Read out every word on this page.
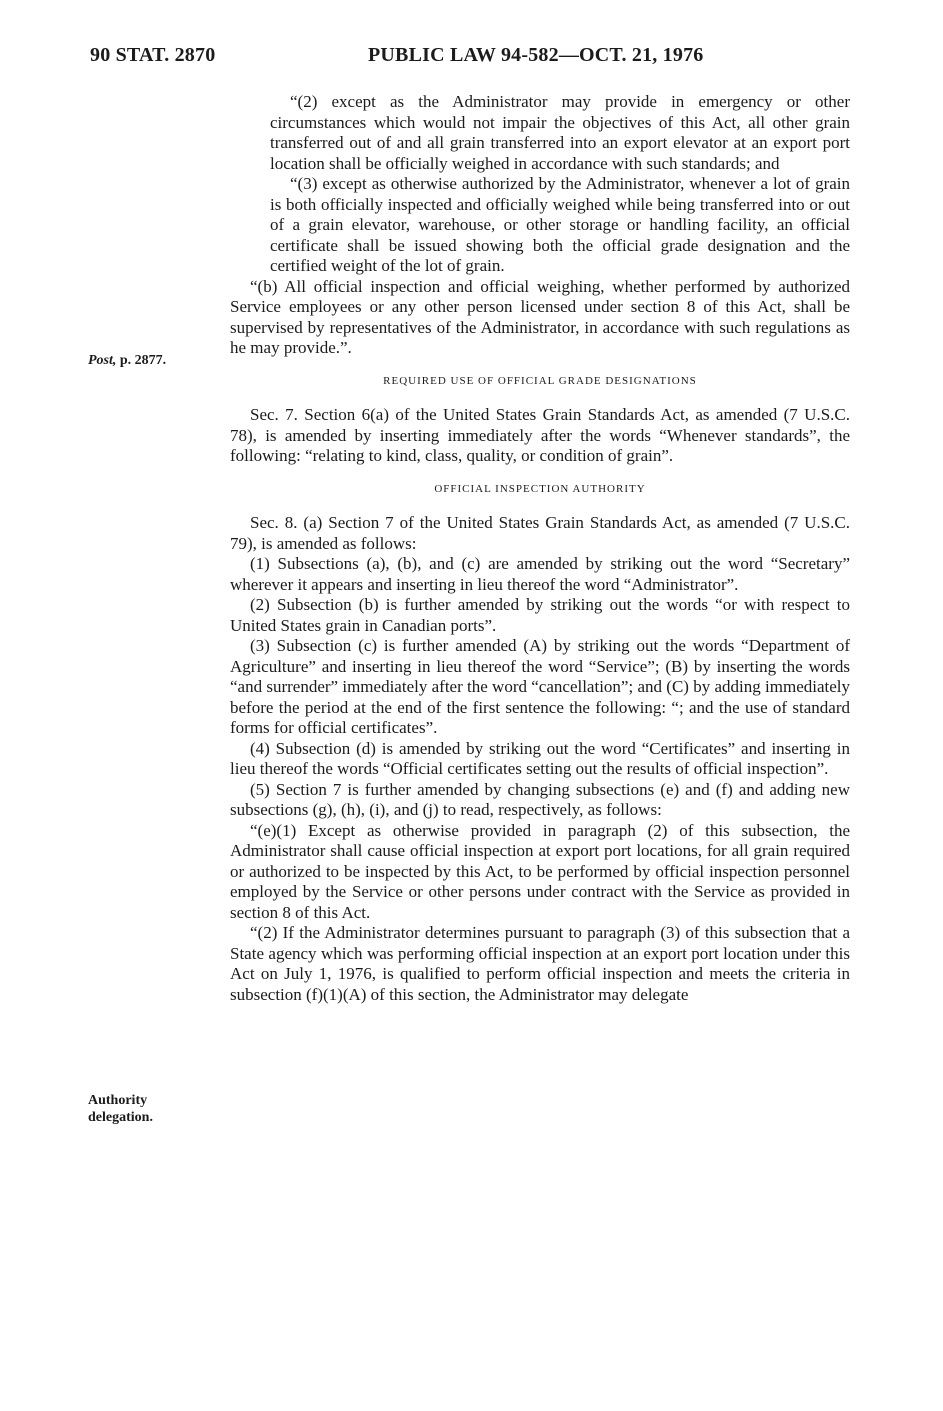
90 STAT. 2870	PUBLIC LAW 94-582—OCT. 21, 1976
Post, p. 2877.
Authority
delegation.

“(2) except as the Administrator may provide in emergency or other circumstances which would not impair the objectives of this Act, all other grain transferred out of and all grain transferred into an export elevator at an export port location shall be officially weighed in accordance with such standards; and

“(3) except as otherwise authorized by the Administrator, whenever a lot of grain is both officially inspected and officially weighed while being transferred into or out of a grain elevator, warehouse, or other storage or handling facility, an official certificate shall be issued showing both the official grade designation and the certified weight of the lot of grain.

“(b) All official inspection and official weighing, whether performed by authorized Service employees or any other person licensed under section 8 of this Act, shall be supervised by representatives of the Administrator, in accordance with such regulations as he may provide.”.

REQUIRED USE OF OFFICIAL GRADE DESIGNATIONS

Sec. 7. Section 6(a) of the United States Grain Standards Act, as amended (7 U.S.C. 78), is amended by inserting immediately after the words “Whenever standards”, the following: “relating to kind, class, quality, or condition of grain”.

OFFICIAL INSPECTION AUTHORITY

Sec. 8. (a) Section 7 of the United States Grain Standards Act, as amended (7 U.S.C. 79), is amended as follows:

(1) Subsections (a), (b), and (c) are amended by striking out the word “Secretary” wherever it appears and inserting in lieu thereof the word “Administrator”.

(2) Subsection (b) is further amended by striking out the words “or with respect to United States grain in Canadian ports”.

(3) Subsection (c) is further amended (A) by striking out the words “Department of Agriculture” and inserting in lieu thereof the word “Service”; (B) by inserting the words “and surrender” immediately after the word “cancellation”; and (C) by adding immediately before the period at the end of the first sentence the following: “; and the use of standard forms for official certificates”.

(4) Subsection (d) is amended by striking out the word “Certificates” and inserting in lieu thereof the words “Official certificates setting out the results of official inspection”.

(5) Section 7 is further amended by changing subsections (e) and (f) and adding new subsections (g), (h), (i), and (j) to read, respectively, as follows:

“(e)(1) Except as otherwise provided in paragraph (2) of this subsection, the Administrator shall cause official inspection at export port locations, for all grain required or authorized to be inspected by this Act, to be performed by official inspection personnel employed by the Service or other persons under contract with the Service as provided in section 8 of this Act.

“(2) If the Administrator determines pursuant to paragraph (3) of this subsection that a State agency which was performing official inspection at an export port location under this Act on July 1, 1976, is qualified to perform official inspection and meets the criteria in subsection (f)(1)(A) of this section, the Administrator may delegate
